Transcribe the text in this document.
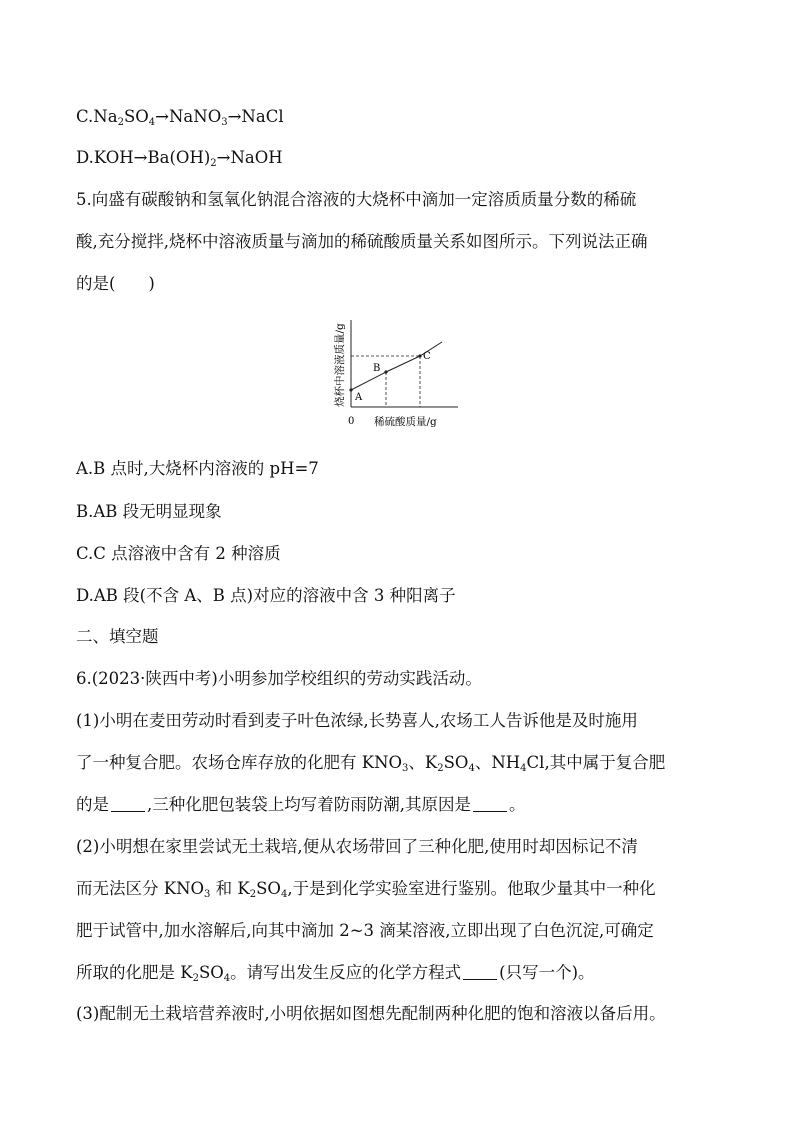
$C.Na_2SO_4\to NaNO_3\to NaCl$
$D.KOH\to Ba(OH)_2\to NaOH$
5.向盛有碳酸钠和氢氧化钠混合溶液的大烧杯中滴加一定溶质质量分数的稀硫
酸,充分搅拌,烧杯中溶液质量与滴加的稀硫酸质量关系如图所示。下列说法正确
的是(　　)
A
B
C
0 稀硫酸质量/g
烧杯中溶液质量/g
A.B 点时,大烧杯内溶液的 pH=7
B.AB 段无明显现象
C.C 点溶液中含有 2 种溶质
D.AB 段(不含 A、B 点)对应的溶液中含 3 种阳离子
二、填空题
6.(2023·陕西中考)小明参加学校组织的劳动实践活动。
(1)小明在麦田劳动时看到麦子叶色浓绿,长势喜人,农场工人告诉他是及时施用
了一种复合肥。农场仓库存放的化肥有 $KNO_3$、$K_2SO_4$、$NH_4Cl$,其中属于复合肥
的是 ,三种化肥包装袋上均写着防雨防潮,其原因是 。
(2)小明想在家里尝试无土栽培,便从农场带回了三种化肥,使用时却因标记不清
而无法区分 $KNO_3$ 和 $K_2SO_4$,于是到化学实验室进行鉴别。他取少量其中一种化
肥于试管中,加水溶解后,向其中滴加 2~3 滴某溶液,立即出现了白色沉淀,可确定
所取的化肥是 $K_2SO_4$。请写出发生反应的化学方程式 (只写一个)。
(3)配制无土栽培营养液时,小明依据如图想先配制两种化肥的饱和溶液以备后用。
